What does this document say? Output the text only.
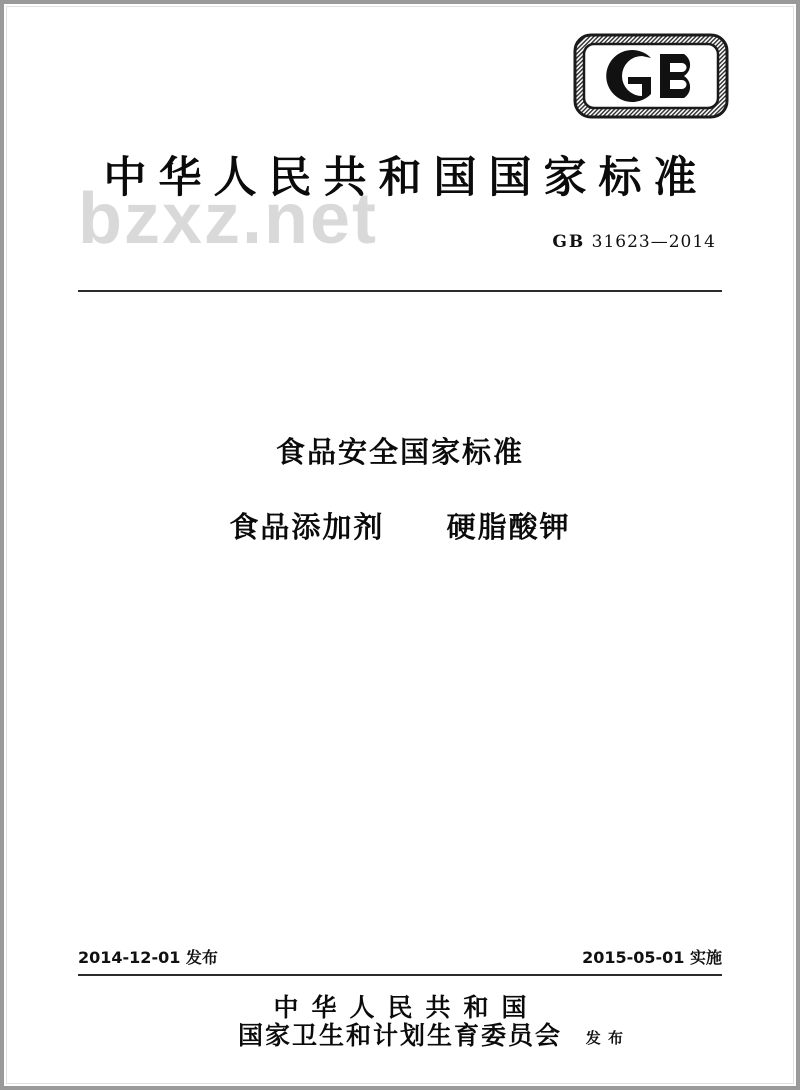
bzxz.net
中华人民共和国国家标准
GB 31623—2014
食品安全国家标准
食品添加剂 硬脂酸钾
2014-12-01 发布	2015-05-01 实施
中华人民共和国
国家卫生和计划生育委员会 发 布
